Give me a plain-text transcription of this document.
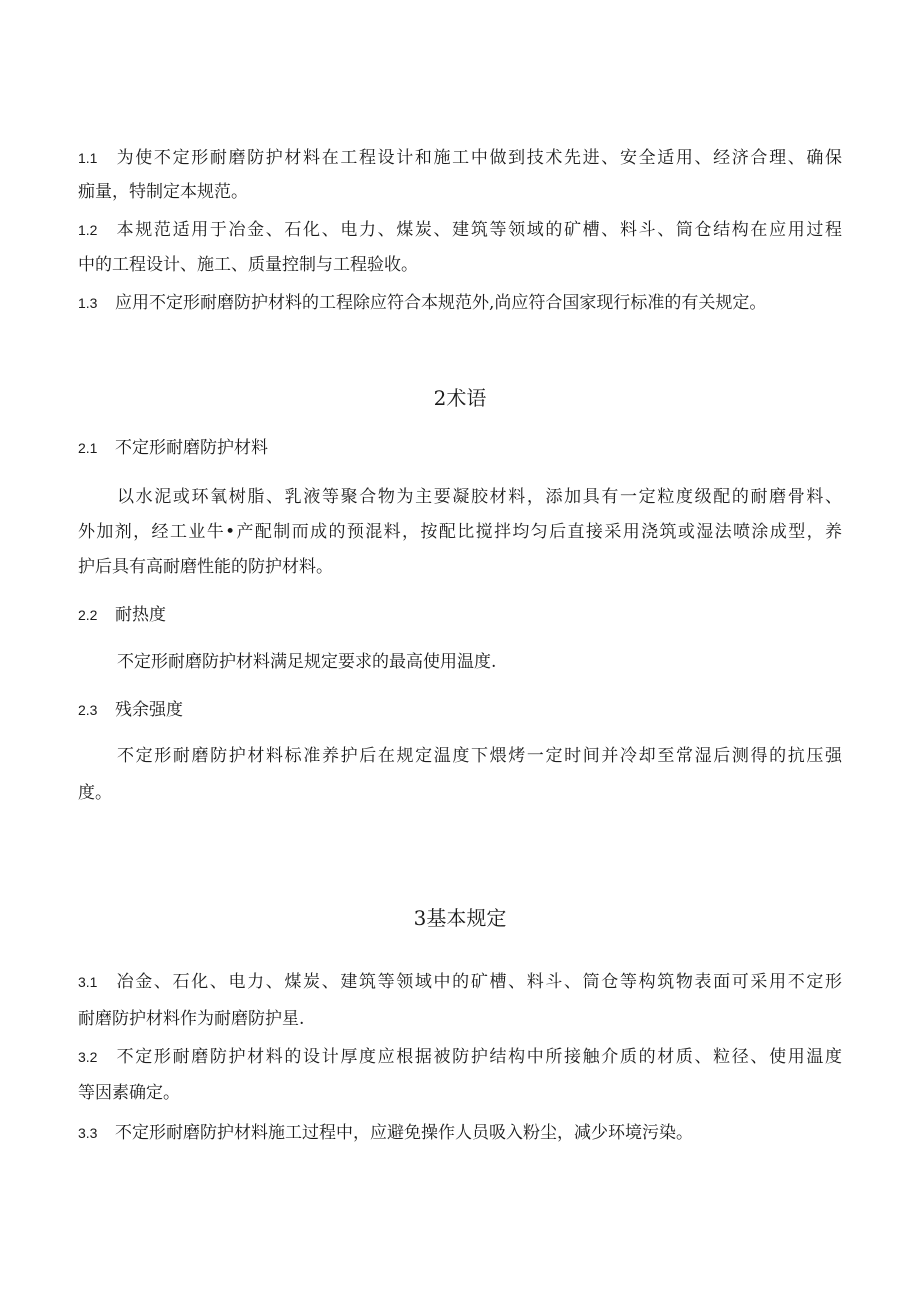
1.1 为使不定形耐磨防护材料在工程设计和施工中做到技术先进、安全适用、经济合理、确保
痂量，特制定本规范。
1.2 本规范适用于冶金、石化、电力、煤炭、建筑等领域的矿槽、料斗、筒仓结构在应用过程
中的工程设计、施工、质量控制与工程验收。
1.3 应用不定形耐磨防护材料的工程除应符合本规范外,尚应符合国家现行标准的有关规定。
2术语
2.1 不定形耐磨防护材料
以水泥或环氧树脂、乳液等聚合物为主要凝胶材料，添加具有一定粒度级配的耐磨骨料、
外加剂，经工业牛•产配制而成的预混料，按配比搅拌均匀后直接采用浇筑或湿法喷涂成型，养
护后具有高耐磨性能的防护材料。
2.2 耐热度
不定形耐磨防护材料满足规定要求的最高使用温度.
2.3 残余强度
不定形耐磨防护材料标准养护后在规定温度下煨烤一定时间并冷却至常湿后测得的抗压强
度。
3基本规定
3.1 冶金、石化、电力、煤炭、建筑等领域中的矿槽、料斗、筒仓等构筑物表面可采用不定形
耐磨防护材料作为耐磨防护星.
3.2 不定形耐磨防护材料的设计厚度应根据被防护结构中所接触介质的材质、粒径、使用温度
等因素确定。
3.3 不定形耐磨防护材料施工过程中，应避免操作人员吸入粉尘，减少环境污染。
